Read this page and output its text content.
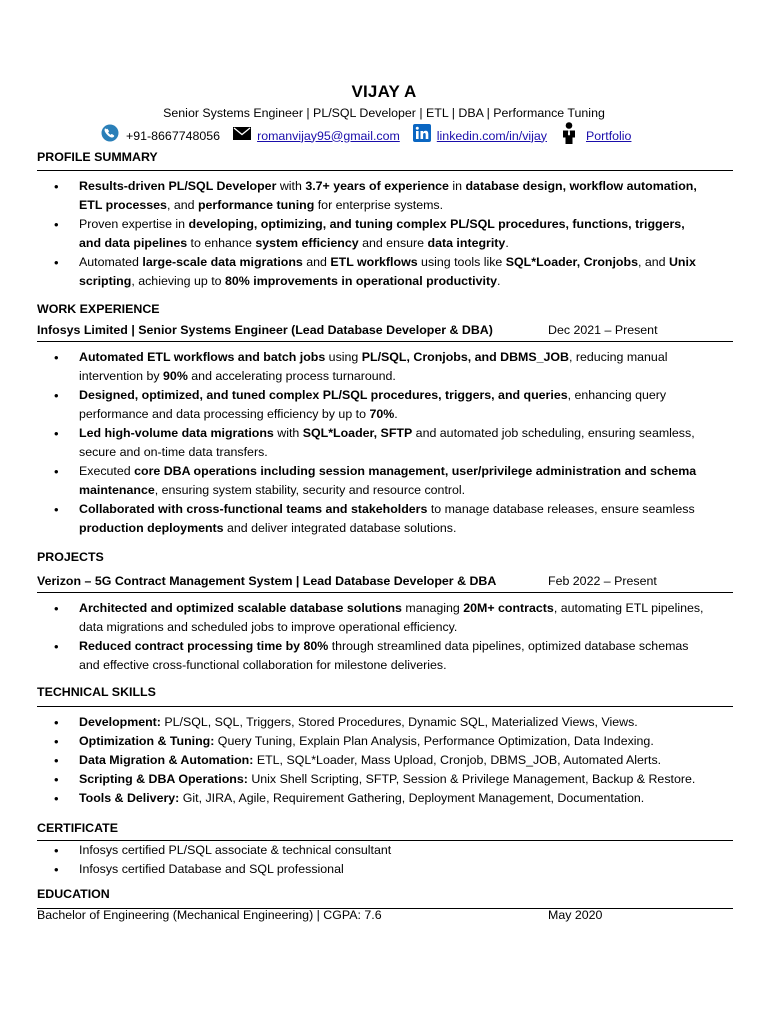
VIJAY A
Senior Systems Engineer | PL/SQL Developer | ETL | DBA | Performance Tuning
+91-8667748056	romanvijay95@gmail.com	linkedin.com/in/vijay	Portfolio
PROFILE SUMMARY
• Results-driven PL/SQL Developer with 3.7+ years of experience in database design, workflow automation, ETL processes, and performance tuning for enterprise systems.
• Proven expertise in developing, optimizing, and tuning complex PL/SQL procedures, functions, triggers, and data pipelines to enhance system efficiency and ensure data integrity.
• Automated large-scale data migrations and ETL workflows using tools like SQL*Loader, Cronjobs, and Unix scripting, achieving up to 80% improvements in operational productivity.
WORK EXPERIENCE
Infosys Limited | Senior Systems Engineer (Lead Database Developer & DBA)	Dec 2021 – Present
• Automated ETL workflows and batch jobs using PL/SQL, Cronjobs, and DBMS_JOB, reducing manual intervention by 90% and accelerating process turnaround.
• Designed, optimized, and tuned complex PL/SQL procedures, triggers, and queries, enhancing query performance and data processing efficiency by up to 70%.
• Led high-volume data migrations with SQL*Loader, SFTP and automated job scheduling, ensuring seamless, secure and on-time data transfers.
• Executed core DBA operations including session management, user/privilege administration and schema maintenance, ensuring system stability, security and resource control.
• Collaborated with cross-functional teams and stakeholders to manage database releases, ensure seamless production deployments and deliver integrated database solutions.
PROJECTS
Verizon – 5G Contract Management System | Lead Database Developer & DBA	Feb 2022 – Present
• Architected and optimized scalable database solutions managing 20M+ contracts, automating ETL pipelines, data migrations and scheduled jobs to improve operational efficiency.
• Reduced contract processing time by 80% through streamlined data pipelines, optimized database schemas and effective cross-functional collaboration for milestone deliveries.
TECHNICAL SKILLS
• Development: PL/SQL, SQL, Triggers, Stored Procedures, Dynamic SQL, Materialized Views, Views.
• Optimization & Tuning: Query Tuning, Explain Plan Analysis, Performance Optimization, Data Indexing.
• Data Migration & Automation: ETL, SQL*Loader, Mass Upload, Cronjob, DBMS_JOB, Automated Alerts.
• Scripting & DBA Operations: Unix Shell Scripting, SFTP, Session & Privilege Management, Backup & Restore.
• Tools & Delivery: Git, JIRA, Agile, Requirement Gathering, Deployment Management, Documentation.
CERTIFICATE
• Infosys certified PL/SQL associate & technical consultant
• Infosys certified Database and SQL professional
EDUCATION
Bachelor of Engineering (Mechanical Engineering) | CGPA: 7.6	May 2020
